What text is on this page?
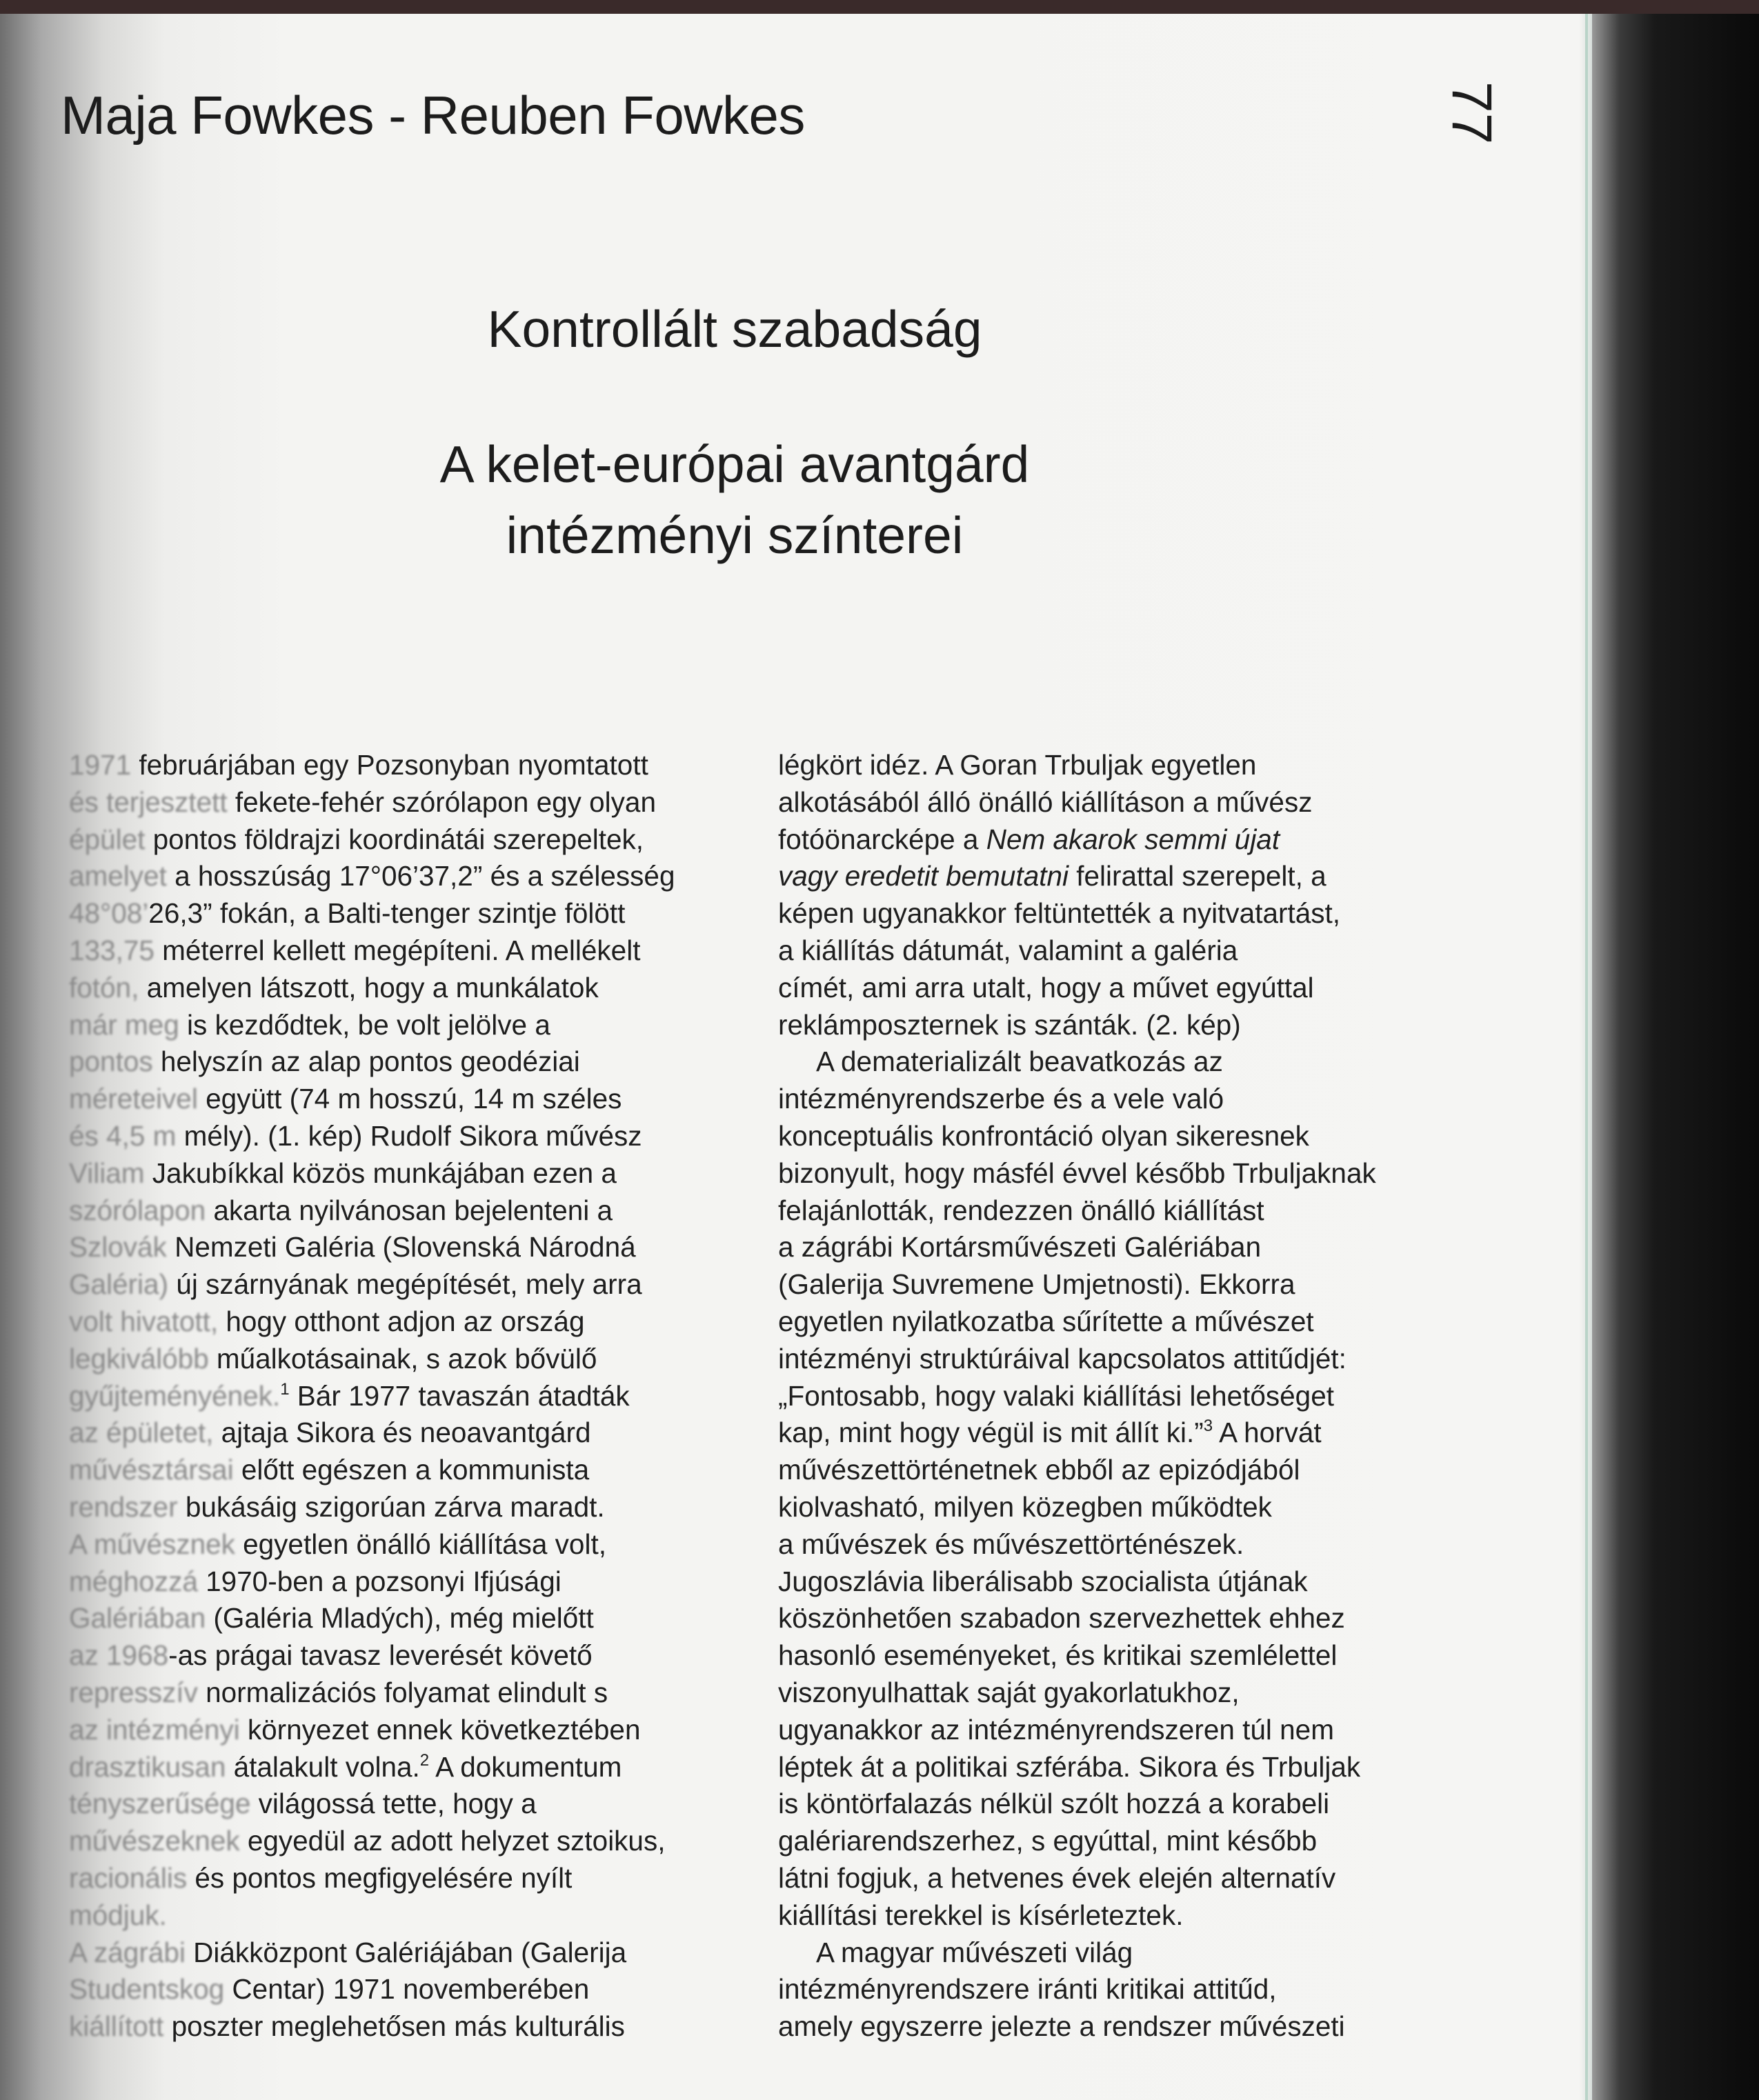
Maja Fowkes - Reuben Fowkes	77
Kontrollált szabadság
A kelet-európai avantgárd
intézményi színterei
1971 februárjában egy Pozsonyban nyomtatott
és terjesztett fekete-fehér szórólapon egy olyan
épület pontos földrajzi koordinátái szerepeltek,
amelyet a hosszúság 17°06’37,2” és a szélesség
48°08’26,3” fokán, a Balti-tenger szintje fölött
133,75 méterrel kellett megépíteni. A mellékelt
fotón, amelyen látszott, hogy a munkálatok
már meg is kezdődtek, be volt jelölve a
pontos helyszín az alap pontos geodéziai
méreteivel együtt (74 m hosszú, 14 m széles
és 4,5 m mély). (1. kép) Rudolf Sikora művész
Viliam Jakubíkkal közös munkájában ezen a
szórólapon akarta nyilvánosan bejelenteni a
Szlovák Nemzeti Galéria (Slovenská Národná
Galéria) új szárnyának megépítését, mely arra
volt hivatott, hogy otthont adjon az ország
legkiválóbb műalkotásainak, s azok bővülő
gyűjteményének.$^1$ Bár 1977 tavaszán átadták
az épületet, ajtaja Sikora és neoavantgárd
művésztársai előtt egészen a kommunista
rendszer bukásáig szigorúan zárva maradt.
A művésznek egyetlen önálló kiállítása volt,
méghozzá 1970-ben a pozsonyi Ifjúsági
Galériában (Galéria Mladých), még mielőtt
az 1968-as prágai tavasz leverését követő
represszív normalizációs folyamat elindult s
az intézményi környezet ennek következtében
drasztikusan átalakult volna.$^2$ A dokumentum
tényszerűsége világossá tette, hogy a
művészeknek egyedül az adott helyzet sztoikus,
racionális és pontos megfigyelésére nyílt
módjuk.
A zágrábi Diákközpont Galériájában (Galerija
Studentskog Centar) 1971 novemberében
kiállított poszter meglehetősen más kulturális
légkört idéz. A Goran Trbuljak egyetlen
alkotásából álló önálló kiállításon a művész
fotóönarcképe a Nem akarok semmi újat
vagy eredetit bemutatni felirattal szerepelt, a
képen ugyanakkor feltüntették a nyitvatartást,
a kiállítás dátumát, valamint a galéria
címét, ami arra utalt, hogy a művet egyúttal
reklámposzternek is szánták. (2. kép)
A dematerializált beavatkozás az
intézményrendszerbe és a vele való
konceptuális konfrontáció olyan sikeresnek
bizonyult, hogy másfél évvel később Trbuljaknak
felajánlották, rendezzen önálló kiállítást
a zágrábi Kortársművészeti Galériában
(Galerija Suvremene Umjetnosti). Ekkorra
egyetlen nyilatkozatba sűrítette a művészet
intézményi struktúráival kapcsolatos attitűdjét:
„Fontosabb, hogy valaki kiállítási lehetőséget
kap, mint hogy végül is mit állít ki.”$^3$ A horvát
művészettörténetnek ebből az epizódjából
kiolvasható, milyen közegben működtek
a művészek és művészettörténészek.
Jugoszlávia liberálisabb szocialista útjának
köszönhetően szabadon szervezhettek ehhez
hasonló eseményeket, és kritikai szemlélettel
viszonyulhattak saját gyakorlatukhoz,
ugyanakkor az intézményrendszeren túl nem
léptek át a politikai szférába. Sikora és Trbuljak
is köntörfalazás nélkül szólt hozzá a korabeli
galériarendszerhez, s egyúttal, mint később
látni fogjuk, a hetvenes évek elején alternatív
kiállítási terekkel is kísérleteztek.
A magyar művészeti világ
intézményrendszere iránti kritikai attitűd,
amely egyszerre jelezte a rendszer művészeti
